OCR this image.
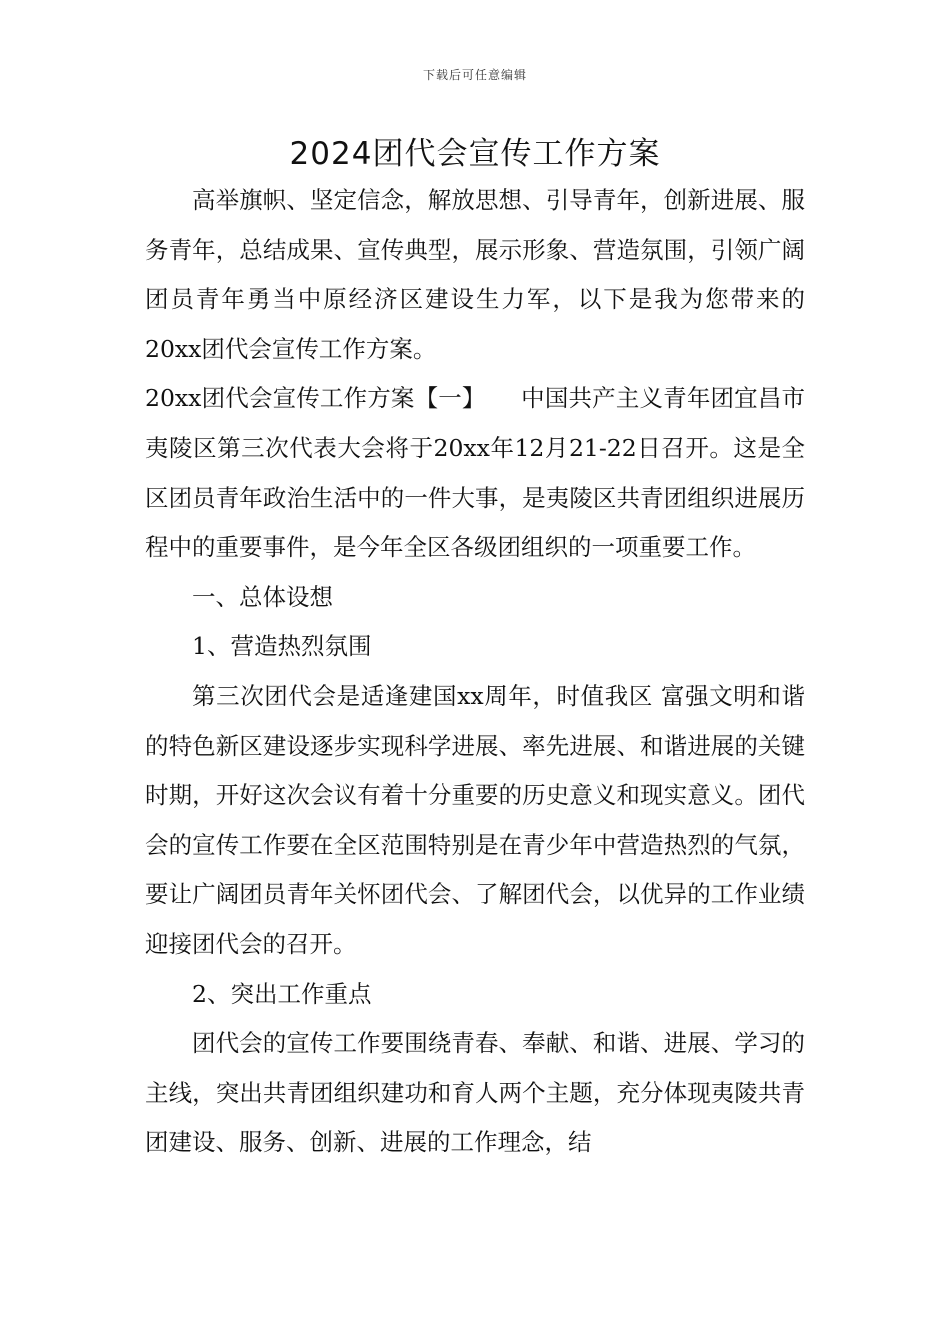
下载后可任意编辑
2024团代会宣传工作方案

高举旗帜、坚定信念，解放思想、引导青年，创新进展、服务青年，总结成果、宣传典型，展示形象、营造氛围，引领广阔团员青年勇当中原经济区建设生力军，以下是我为您带来的20xx团代会宣传工作方案。

20xx团代会宣传工作方案【一】　　中国共产主义青年团宜昌市夷陵区第三次代表大会将于20xx年12月21-22日召开。这是全区团员青年政治生活中的一件大事，是夷陵区共青团组织进展历程中的重要事件，是今年全区各级团组织的一项重要工作。

一、总体设想

1、营造热烈氛围

第三次团代会是适逢建国xx周年，时值我区 富强文明和谐的特色新区建设逐步实现科学进展、率先进展、和谐进展的关键时期，开好这次会议有着十分重要的历史意义和现实意义。团代会的宣传工作要在全区范围特别是在青少年中营造热烈的气氛，要让广阔团员青年关怀团代会、了解团代会，以优异的工作业绩迎接团代会的召开。

2、突出工作重点

团代会的宣传工作要围绕青春、奉献、和谐、进展、学习的主线，突出共青团组织建功和育人两个主题，充分体现夷陵共青团建设、服务、创新、进展的工作理念，结
